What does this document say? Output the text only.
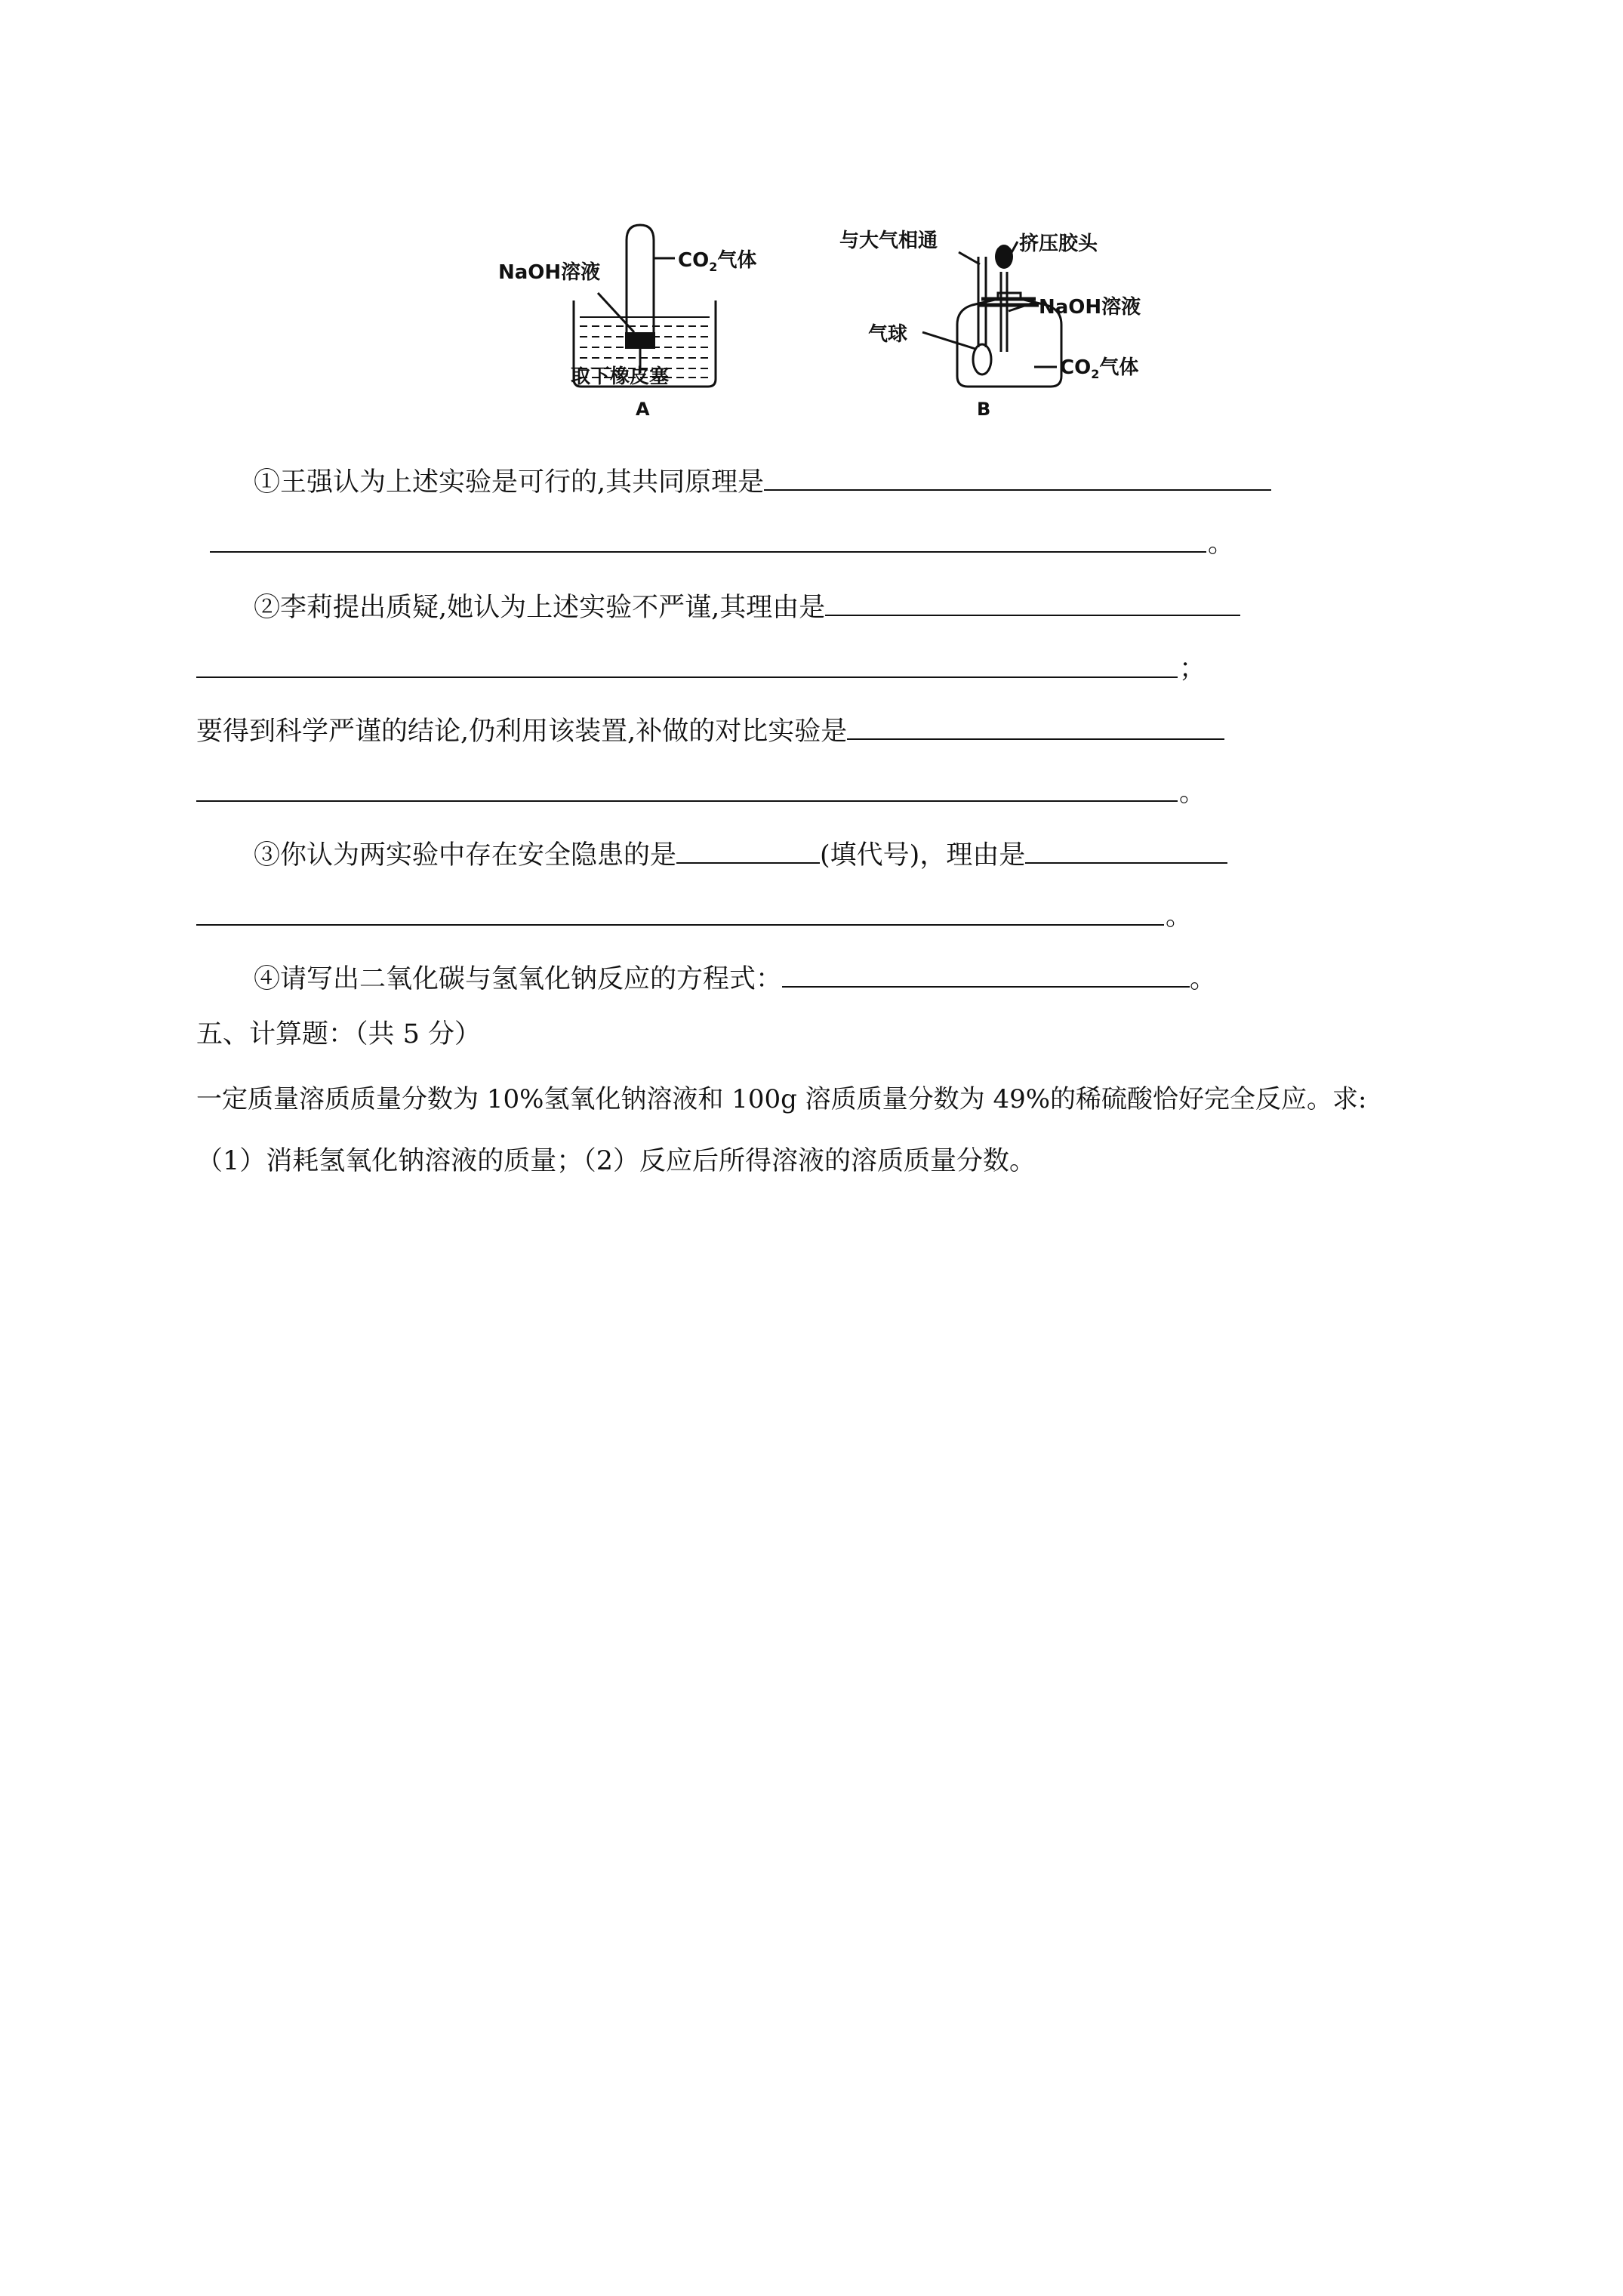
NaOH溶液
$CO_2$气体
取下橡皮塞
A
与大气相通	挤压胶头
NaOH溶液
气球
$CO_2$气体
B
①王强认为上述实验是可行的,其共同原理是
。
②李莉提出质疑,她认为上述实验不严谨,其理由是
；
要得到科学严谨的结论,仍利用该装置,补做的对比实验是
。
③你认为两实验中存在安全隐患的是	(填代号)，理由是
。
④请写出二氧化碳与氢氧化钠反应的方程式：	。
五、计算题：（共 5 分）
一定质量溶质质量分数为 10%氢氧化钠溶液和 100g 溶质质量分数为 49%的稀硫酸恰好完全反应。求:
（1）消耗氢氧化钠溶液的质量；（2）反应后所得溶液的溶质质量分数。
